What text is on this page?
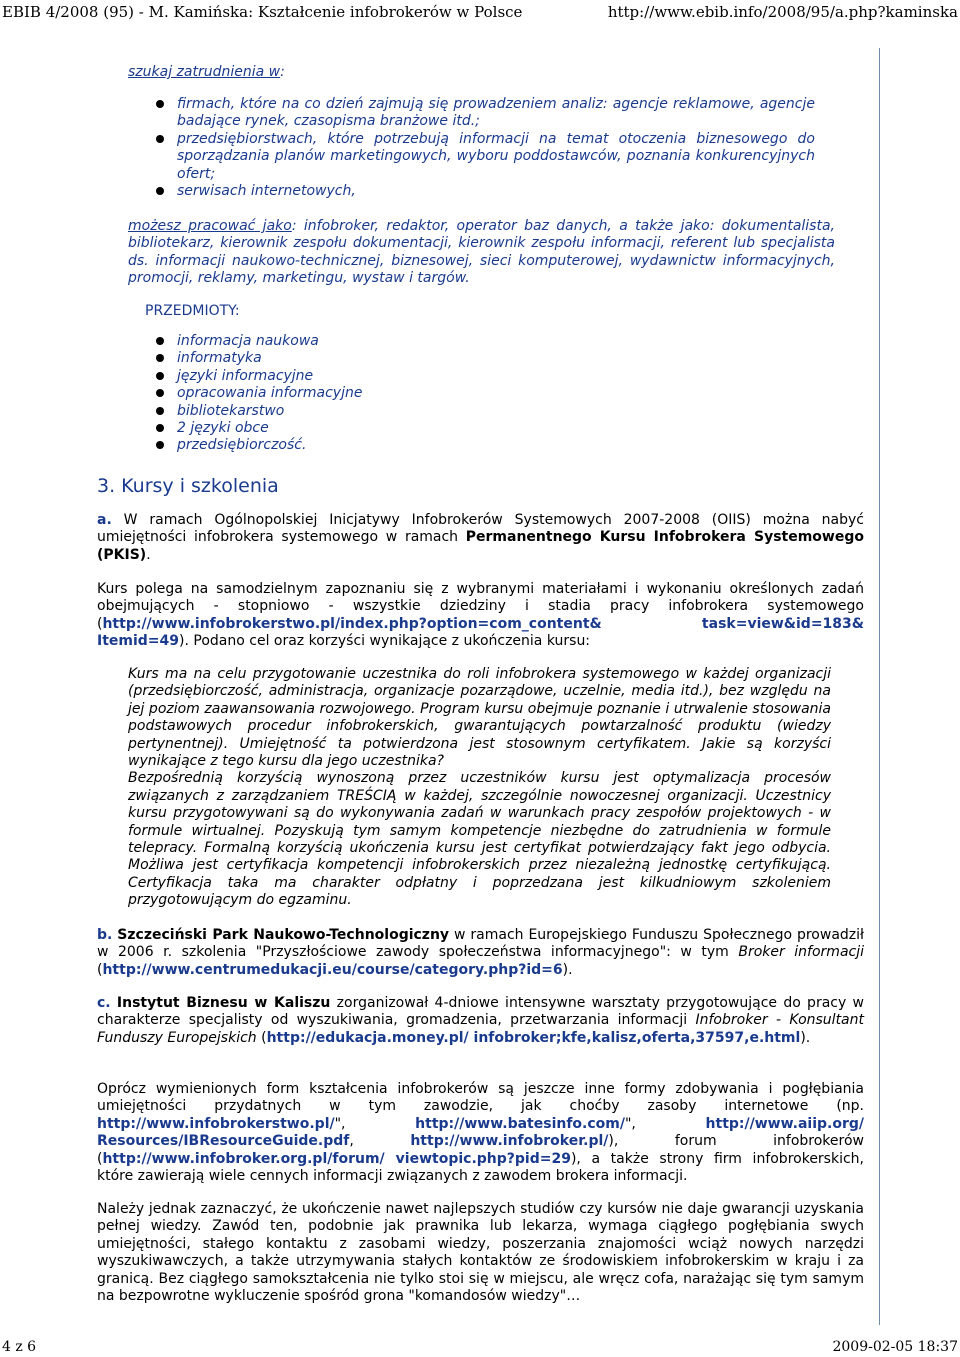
EBIB 4/2008 (95) - M. Kamińska: Kształcenie infobrokerów w Polsce	http://www.ebib.info/2008/95/a.php?kaminska
szukaj zatrudnienia w:
firmach, które na co dzień zajmują się prowadzeniem analiz: agencje reklamowe, agencje badające rynek, czasopisma branżowe itd.;
przedsiębiorstwach, które potrzebują informacji na temat otoczenia biznesowego do sporządzania planów marketingowych, wyboru poddostawców, poznania konkurencyjnych ofert;
serwisach internetowych,
możesz pracować jako: infobroker, redaktor, operator baz danych, a także jako: dokumentalista, bibliotekarz, kierownik zespołu dokumentacji, kierownik zespołu informacji, referent lub specjalista ds. informacji naukowo-technicznej, biznesowej, sieci komputerowej, wydawnictw informacyjnych, promocji, reklamy, marketingu, wystaw i targów.
PRZEDMIOTY:
informacja naukowa
informatyka
języki informacyjne
opracowania informacyjne
bibliotekarstwo
2 języki obce
przedsiębiorczość.
3. Kursy i szkolenia
a. W ramach Ogólnopolskiej Inicjatywy Infobrokerów Systemowych 2007-2008 (OIIS) można nabyć umiejętności infobrokera systemowego w ramach Permanentnego Kursu Infobrokera Systemowego (PKIS).
Kurs polega na samodzielnym zapoznaniu się z wybranymi materiałami i wykonaniu określonych zadań obejmujących - stopniowo - wszystkie dziedziny i stadia pracy infobrokera systemowego (http://www.infobrokerstwo.pl/index.php?option=com_content& task=view&id=183& Itemid=49). Podano cel oraz korzyści wynikające z ukończenia kursu:

Kurs ma na celu przygotowanie uczestnika do roli infobrokera systemowego w każdej organizacji (przedsiębiorczość, administracja, organizacje pozarządowe, uczelnie, media itd.), bez względu na jej poziom zaawansowania rozwojowego. Program kursu obejmuje poznanie i utrwalenie stosowania podstawowych procedur infobrokerskich, gwarantujących powtarzalność produktu (wiedzy pertynentnej). Umiejętność ta potwierdzona jest stosownym certyfikatem. Jakie są korzyści wynikające z tego kursu dla jego uczestnika?

Bezpośrednią korzyścią wynoszoną przez uczestników kursu jest optymalizacja procesów związanych z zarządzaniem TREŚCIĄ w każdej, szczególnie nowoczesnej organizacji. Uczestnicy kursu przygotowywani są do wykonywania zadań w warunkach pracy zespołów projektowych - w formule wirtualnej. Pozyskują tym samym kompetencje niezbędne do zatrudnienia w formule telepracy. Formalną korzyścią ukończenia kursu jest certyfikat potwierdzający fakt jego odbycia. Możliwa jest certyfikacja kompetencji infobrokerskich przez niezależną jednostkę certyfikującą. Certyfikacja taka ma charakter odpłatny i poprzedzana jest kilkudniowym szkoleniem przygotowującym do egzaminu.

b. Szczeciński Park Naukowo-Technologiczny w ramach Europejskiego Funduszu Społecznego prowadził w 2006 r. szkolenia "Przyszłościowe zawody społeczeństwa informacyjnego": w tym Broker informacji (http://www.centrumedukacji.eu/course/category.php?id=6).
c. Instytut Biznesu w Kaliszu zorganizował 4-dniowe intensywne warsztaty przygotowujące do pracy w charakterze specjalisty od wyszukiwania, gromadzenia, przetwarzania informacji Infobroker - Konsultant Funduszy Europejskich (http://edukacja.money.pl/ infobroker;kfe,kalisz,oferta,37597,e.html).
Oprócz wymienionych form kształcenia infobrokerów są jeszcze inne formy zdobywania i pogłębiania umiejętności przydatnych w tym zawodzie, jak choćby zasoby internetowe (np. http://www.infobrokerstwo.pl/", http://www.batesinfo.com/", http://www.aiip.org/ Resources/IBResourceGuide.pdf, http://www.infobroker.pl/), forum infobrokerów (http://www.infobroker.org.pl/forum/ viewtopic.php?pid=29), a także strony firm infobrokerskich, które zawierają wiele cennych informacji związanych z zawodem brokera informacji.
Należy jednak zaznaczyć, że ukończenie nawet najlepszych studiów czy kursów nie daje gwarancji uzyskania pełnej wiedzy. Zawód ten, podobnie jak prawnika lub lekarza, wymaga ciągłego pogłębiania swych umiejętności, stałego kontaktu z zasobami wiedzy, poszerzania znajomości wciąż nowych narzędzi wyszukiwawczych, a także utrzymywania stałych kontaktów ze środowiskiem infobrokerskim w kraju i za granicą. Bez ciągłego samokształcenia nie tylko stoi się w miejscu, ale wręcz cofa, narażając się tym samym na bezpowrotne wykluczenie spośród grona "komandosów wiedzy"…
4 z 6	2009-02-05 18:37
